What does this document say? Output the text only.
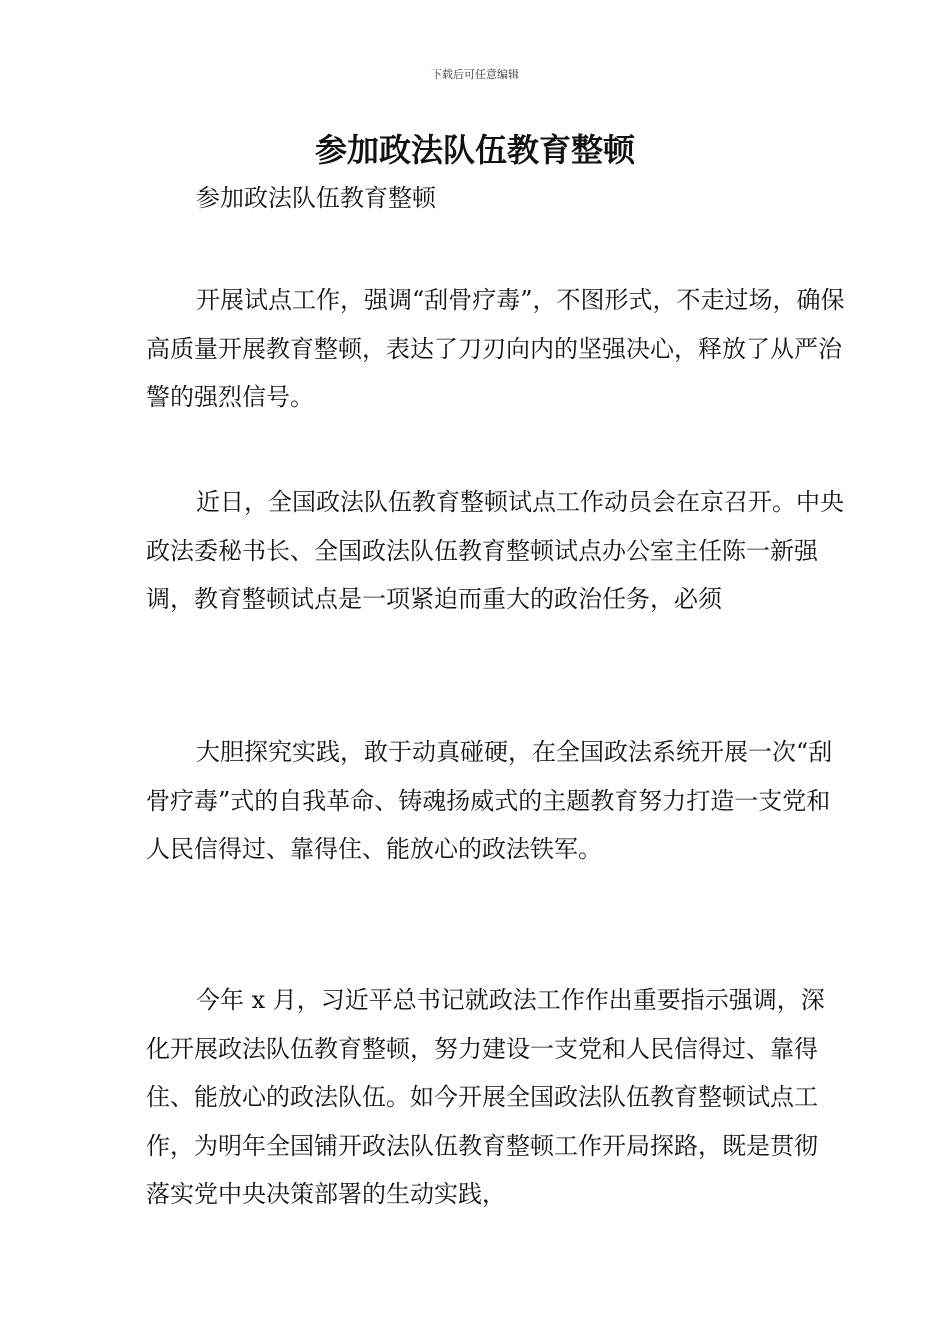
下载后可任意编辑
参加政法队伍教育整顿
参加政法队伍教育整顿

开展试点工作，强调“刮骨疗毒”，不图形式，不走过场，确保高质量开展教育整顿，表达了刀刃向内的坚强决心，释放了从严治警的强烈信号。

近日，全国政法队伍教育整顿试点工作动员会在京召开。中央政法委秘书长、全国政法队伍教育整顿试点办公室主任陈一新强调，教育整顿试点是一项紧迫而重大的政治任务，必须

大胆探究实践，敢于动真碰硬，在全国政法系统开展一次“刮骨疗毒”式的自我革命、铸魂扬威式的主题教育努力打造一支党和人民信得过、靠得住、能放心的政法铁军。

今年 x 月，习近平总书记就政法工作作出重要指示强调，深化开展政法队伍教育整顿，努力建设一支党和人民信得过、靠得住、能放心的政法队伍。如今开展全国政法队伍教育整顿试点工作，为明年全国铺开政法队伍教育整顿工作开局探路，既是贯彻落实党中央决策部署的生动实践，
